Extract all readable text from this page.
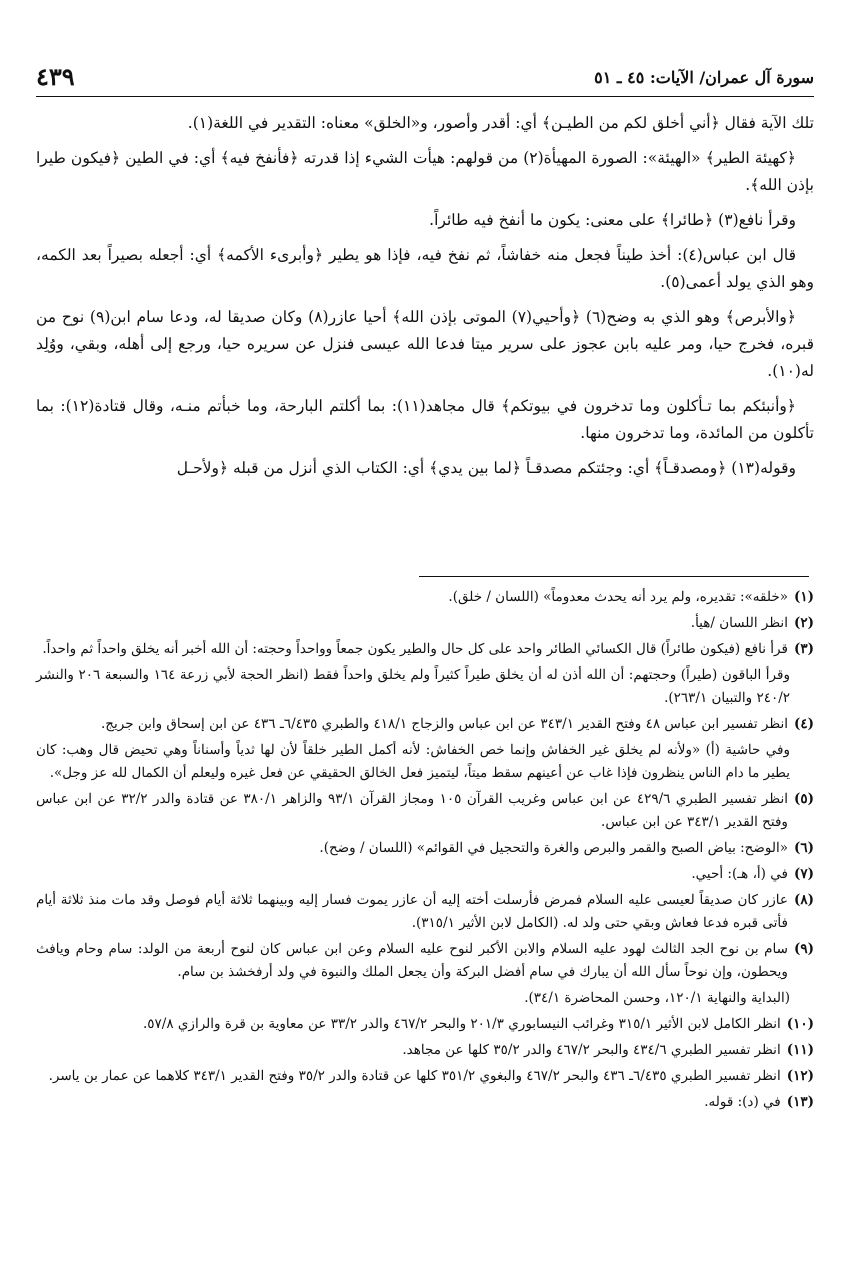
سورة آل عمران/ الآيات: ٤٥ ـ ٥١
٤٣٩

تلك الآية فقال ﴿أني أخلق لكم من الطيـن﴾ أي: أقدر وأصور، و«الخلق» معناه: التقدير في اللغة(١).

﴿كهيئة الطير﴾ «الهيئة»: الصورة المهيأة(٢) من قولهم: هيأت الشيء إذا قدرته ﴿فأنفخ فيه﴾ أي: في الطين ﴿فيكون طيرا بإذن الله﴾.

وقرأ نافع(٣) ﴿طائرا﴾ على معنى: يكون ما أنفخ فيه طائراً.

قال ابن عباس(٤): أخذ طيناً فجعل منه خفاشاً، ثم نفخ فيه، فإذا هو يطير ﴿وأبرىء الأكمه﴾ أي: أجعله بصيراً بعد الكمه، وهو الذي يولد أعمى(٥).

﴿والأبرص﴾ وهو الذي به وضح(٦) ﴿وأحيي(٧) الموتى بإذن الله﴾ أحيا عازر(٨) وكان صديقا له، ودعا سام ابن(٩) نوح من قبره، فخرج حيا، ومر عليه بابن عجوز على سرير ميتا فدعا الله عيسى فنزل عن سريره حيا، ورجع إلى أهله، وبقي، ووُلِد له(١٠).

﴿وأنبئكم بما تـأكلون وما تدخرون في بيوتكم﴾ قال مجاهد(١١): بما أكلتم البارحة، وما خبأتم منـه، وقال قتادة(١٢): بما تأكلون من المائدة، وما تدخرون منها.

وقوله(١٣) ﴿ومصدقـاً﴾ أي: وجئتكم مصدقـاً ﴿لما بين يدي﴾ أي: الكتاب الذي أنزل من قبله ﴿ولأحـل

(١)
«خلقه»: تقديره، ولم يرد أنه يحدث معدوماً» (اللسان / خلق).
(٢)
انظر اللسان /هيأ.
(٣)
قرأ نافع (فيكون طائراً) قال الكسائي الطائر واحد على كل حال والطير يكون جمعاً وواحداً وحجته: أن الله أخبر أنه يخلق واحداً ثم واحداً.
وقرأ الباقون (طيراً) وحجتهم: أن الله أذن له أن يخلق طيراً كثيراً ولم يخلق واحداً فقط (انظر الحجة لأبي زرعة ١٦٤ والسبعة ٢٠٦ والنشر ٢٤٠/٢ والتبيان ٢٦٣/١).
(٤)
انظر تفسير ابن عباس ٤٨ وفتح القدير ٣٤٣/١ عن ابن عباس والزجاج ٤١٨/١ والطبري ٦/٤٣٥ـ ٤٣٦ عن ابن إسحاق وابن جريج.
وفي حاشية (أ) «ولأنه لم يخلق غير الخفاش وإنما خص الخفاش: لأنه أكمل الطير خلقاً لأن لها ثدياً وأسناناً وهي تحيض قال وهب: كان يطير ما دام الناس ينظرون فإذا غاب عن أعينهم سقط ميتاً، ليتميز فعل الخالق الحقيقي عن فعل غيره وليعلم أن الكمال لله عز وجل».
(٥)
انظر تفسير الطبري ٤٢٩/٦ عن ابن عباس وغريب القرآن ١٠٥ ومجاز القرآن ٩٣/١ والزاهر ٣٨٠/١ عن قتادة والدر ٣٢/٢ عن ابن عباس وفتح القدير ٣٤٣/١ عن ابن عباس.
(٦)
«الوضح: بياض الصبح والقمر والبرص والغرة والتحجيل في القوائم» (اللسان / وضح).
(٧)
في (أ، هـ): أحيي.
(٨)
عازر كان صديقاً لعيسى عليه السلام فمرض فأرسلت أخته إليه أن عازر يموت فسار إليه وبينهما ثلاثة أيام فوصل وقد مات منذ ثلاثة أيام فأتى قبره فدعا فعاش وبقي حتى ولد له. (الكامل لابن الأثير ٣١٥/١).
(٩)
سام بن نوح الجد الثالث لهود عليه السلام والابن الأكبر لنوح عليه السلام وعن ابن عباس كان لنوح أربعة من الولد: سام وحام ويافث ويحطون، وإن نوحاً سأل الله أن يبارك في سام أفضل البركة وأن يجعل الملك والنبوة في ولد أرفخشذ بن سام.
(البداية والنهاية ١٢٠/١، وحسن المحاضرة ٣٤/١).
(١٠)
انظر الكامل لابن الأثير ٣١٥/١ وغرائب النيسابوري ٢٠١/٣ والبحر ٤٦٧/٢ والدر ٣٣/٢ عن معاوية بن قرة والرازي ٥٧/٨.
(١١)
انظر تفسير الطبري ٤٣٤/٦ والبحر ٤٦٧/٢ والدر ٣٥/٢ كلها عن مجاهد.
(١٢)
انظر تفسير الطبري ٦/٤٣٥ـ ٤٣٦ والبحر ٤٦٧/٢ والبغوي ٣٥١/٢ كلها عن قتادة والدر ٣٥/٢ وفتح القدير ٣٤٣/١ كلاهما عن عمار بن ياسر.
(١٣)
في (د): قوله.
